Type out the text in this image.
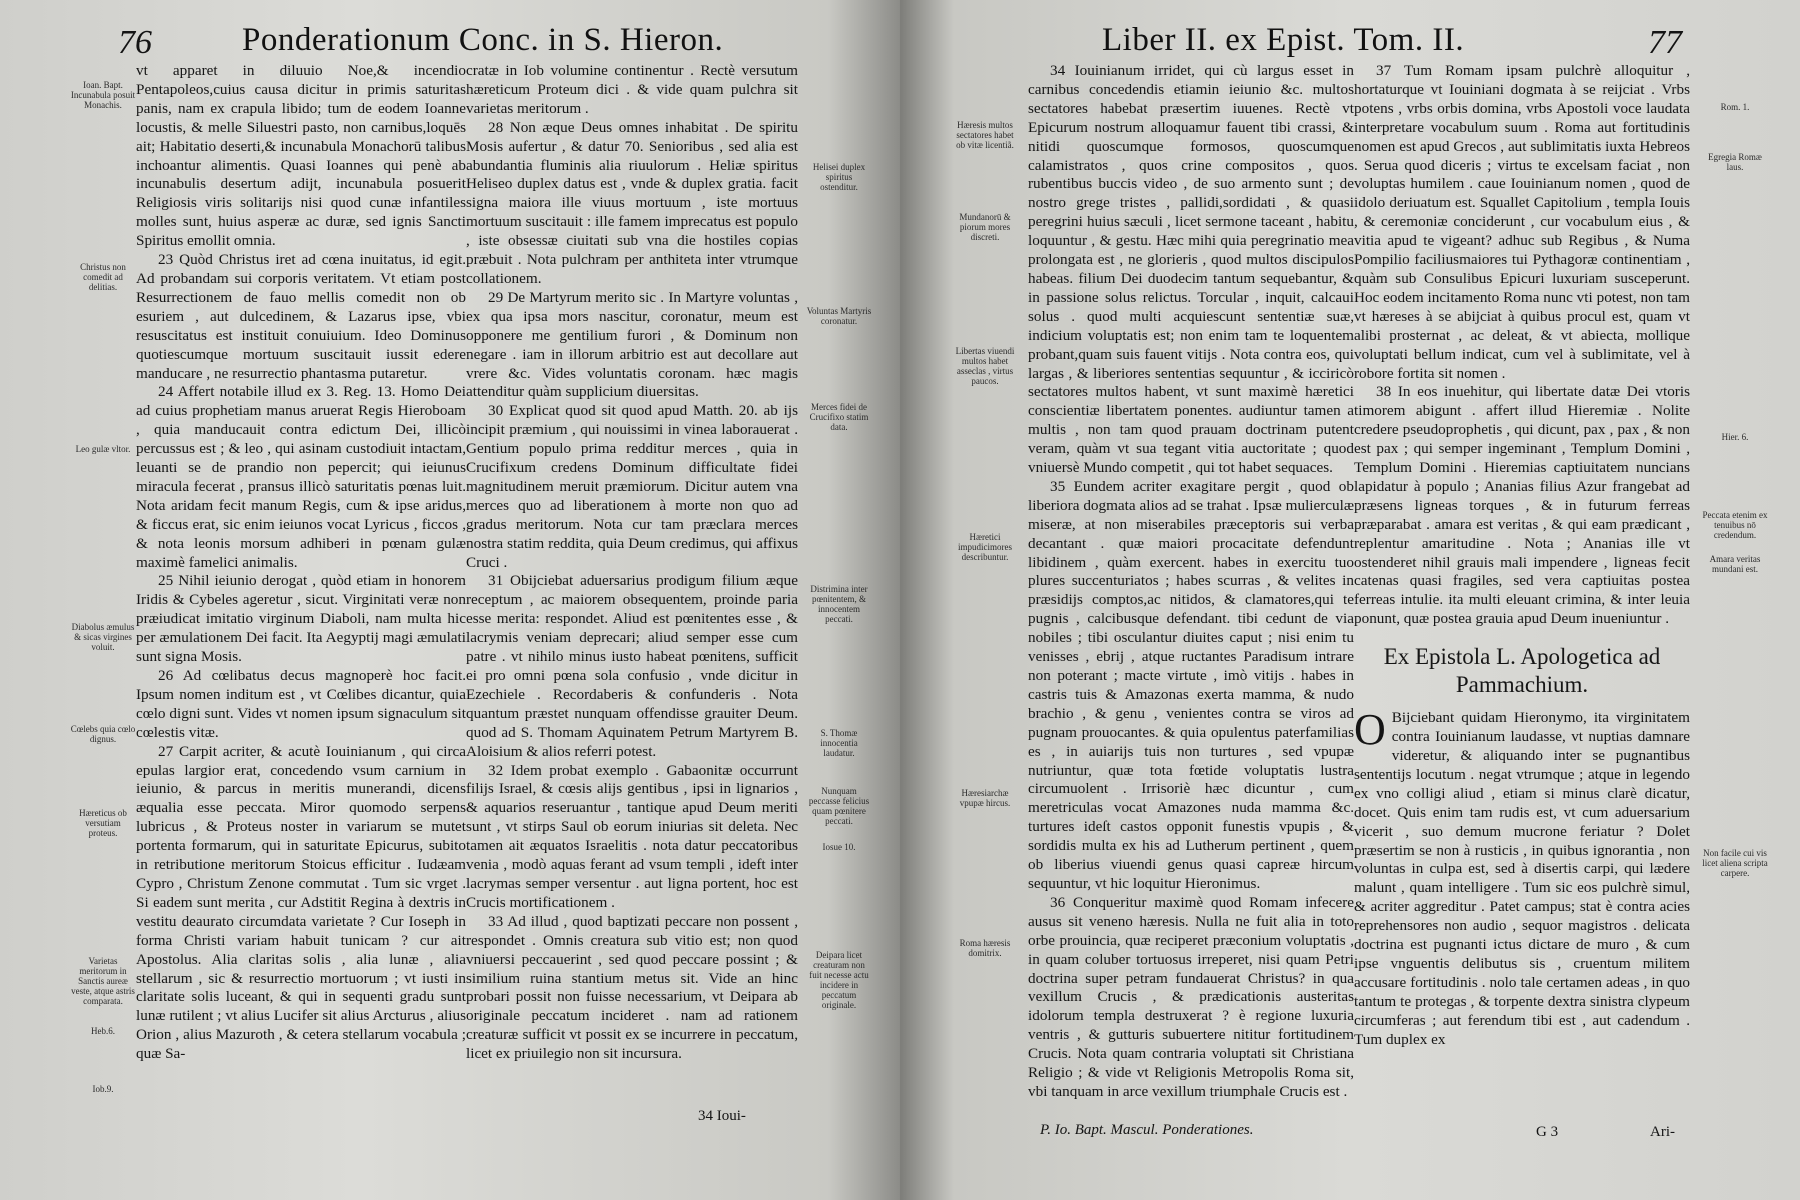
76	Ponderationum Conc. in S. Hieron.

vt apparet in diluuio Noe,& incendio Pentapoleos,cuius causa dicitur in primis saturitas panis, nam ex crapula libido; tum de eodem Ioanne locustis, & melle Siluestri pasto, non carnibus,loquēs ait; Habitatio deserti,& incunabula Monachorū talibus inchoantur alimentis. Quasi Ioannes qui penè ab incunabulis desertum adijt, incunabula posuerit Religiosis viris solitarijs nisi quod cunæ infantiles molles sunt, huius asperæ ac duræ, sed ignis Sancti Spiritus emollit omnia.

23 Quòd Christus iret ad cœna inuitatus, id egit. Ad probandam sui corporis veritatem. Vt etiam post Resurrectionem de fauo mellis comedit non ob esuriem , aut dulcedinem, & Lazarus ipse, vbi resuscitatus est instituit conuiuium. Ideo Dominus quotiescumque mortuum suscitauit iussit edere manducare , ne resurrectio phantasma putaretur.

24 Affert notabile illud ex 3. Reg. 13. Homo Dei ad cuius prophetiam manus aruerat Regis Hieroboam , quia manducauit contra edictum Dei, illicò percussus est ; & leo , qui asinam custodiuit intactam, leuanti se de prandio non pepercit; qui ieiunus miracula fecerat , pransus illicò saturitatis pœnas luit. Nota aridam fecit manum Regis, cum & ipse aridus, & ficcus erat, sic enim ieiunos vocat Lyricus , ficcos , & nota leonis morsum adhiberi in pœnam gulæ maximè famelici animalis.

25 Nihil ieiunio derogat , quòd etiam in honorem Iridis & Cybeles ageretur , sicut. Virginitati veræ non præiudicat imitatio virginum Diaboli, nam multa hic per æmulationem Dei facit. Ita Aegyptij magi æmulati sunt signa Mosis.

26 Ad cœlibatus decus magnoperè hoc facit. Ipsum nomen inditum est , vt Cœlibes dicantur, quia cœlo digni sunt. Vides vt nomen ipsum signaculum sit cœlestis vitæ.

27 Carpit acriter, & acutè Iouinianum , qui circa epulas largior erat, concedendo vsum carnium in ieiunio, & parcus in meritis munerandi, dicens æqualia esse peccata. Miror quomodo serpens lubricus , & Proteus noster in variarum se mutet portenta formarum, qui in saturitate Epicurus, subito in retributione meritorum Stoicus efficitur . Iudæam Cypro , Christum Zenone commutat . Tum sic vrget . Si eadem sunt merita , cur Adstitit Regina à dextris in vestitu deaurato circumdata varietate ? Cur Ioseph in forma Christi variam habuit tunicam ? cur ait Apostolus. Alia claritas solis , alia lunæ , alia stellarum , sic & resurrectio mortuorum ; vt iusti in claritate solis luceant, & qui in sequenti gradu sunt lunæ rutilent ; vt alius Lucifer sit alius Arcturus , alius Orion , alius Mazuroth , & cetera stellarum vocabula ; quæ Sa-

cratæ in Iob volumine continentur . Rectè versutum hæreticum Proteum dici . & vide quam pulchra sit varietas meritorum .

28 Non æque Deus omnes inhabitat . De spiritu Mosis aufertur , & datur 70. Senioribus , sed alia est abundantia fluminis alia riuulorum . Heliæ spiritus Heliseo duplex datus est , vnde & duplex gratia. facit signa maiora ille viuus mortuum , iste mortuus mortuum suscitauit : ille famem imprecatus est populo , iste obsessæ ciuitati sub vna die hostiles copias præbuit . Nota pulchram per anthiteta inter vtrumque collationem.

29 De Martyrum merito sic . In Martyre voluntas , ex qua ipsa mors nascitur, coronatur, meum est opponere me gentilium furori , & Dominum non negare . iam in illorum arbitrio est aut decollare aut vrere &c. Vides voluntatis coronam. hæc magis attenditur quàm supplicium diuersitas.

30 Explicat quod sit quod apud Matth. 20. ab ijs incipit præmium , qui nouissimi in vinea laborauerat . Gentium populo prima redditur merces , quia in Crucifixum credens Dominum difficultate fidei magnitudinem meruit præmiorum. Dicitur autem vna merces quo ad liberationem à morte non quo ad gradus meritorum. Nota cur tam præclara merces nostra statim reddita, quia Deum credimus, qui affixus Cruci .

31 Obijciebat aduersarius prodigum filium æque receptum , ac maiorem obsequentem, proinde paria esse merita: respondet. Aliud est pœnitentes esse , & lacrymis veniam deprecari; aliud semper esse cum patre . vt nihilo minus iusto habeat pœnitens, sufficit ei pro omni pœna sola confusio , vnde dicitur in Ezechiele . Recordaberis & confunderis . Nota quantum præstet nunquam offendisse grauiter Deum. quod ad S. Thomam Aquinatem Petrum Martyrem B. Aloisium & alios referri potest.

32 Idem probat exemplo . Gabaonitæ occurrunt filijs Israel, & cœsis alijs gentibus , ipsi in lignarios , & aquarios reseruantur , tantique apud Deum meriti sunt , vt stirps Saul ob eorum iniurias sit deleta. Nec tamen ait æquatos Israelitis . nota datur peccatoribus venia , modò aquas ferant ad vsum templi , ideft inter lacrymas semper versentur . aut ligna portent, hoc est Crucis mortificationem .

33 Ad illud , quod baptizati peccare non possent , respondet . Omnis creatura sub vitio est; non quod vniuersi peccauerint , sed quod peccare possint ; & similium ruina stantium metus sit. Vide an hinc probari possit non fuisse necessarium, vt Deipara ab originale peccatum incideret . nam ad rationem creaturæ sufficit vt possit ex se incurrere in peccatum, licet ex priuilegio non sit incursura.

34 Ioui-
Ioan. Bapt. Incunabula posuit Monachis.
Christus non comedit ad delitias.
Leo gulæ vltor.
Diabolus æmulus & sicas virgines voluit.
Cœlebs quia cœlo dignus.
Hæreticus ob versutiam proteus.
Varietas meritorum in Sanctis aureæ veste, atque astris comparata.
Heb.6.
Iob.9.
Helisei duplex spiritus ostenditur.
Voluntas Martyris coronatur.
Merces fidei de Crucifixo statim data.
Distrimina inter pœnitentem, & innocentem peccati.
S. Thomæ innocentia laudatur.
Nunquam peccasse felicius quam pœnitere peccati.
Iosue 10.
Deipara licet creaturam non fuit necesse actu incidere in peccatum originale.
Liber II. ex Epist. Tom. II.	77

34 Iouinianum irridet, qui cù largus esset in carnibus concedendis etiamin ieiunio &c. multos sectatores habebat præsertim iuuenes. Rectè vt Epicurum nostrum alloquamur fauent tibi crassi, & nitidi quoscumque formosos, quoscumque calamistratos , quos crine compositos , quos rubentibus buccis video , de suo armento sunt ; de nostro grege tristes , pallidi,sordidati , & quasi peregrini huius sæculi , licet sermone taceant , habitu loquuntur , & gestu. Hæc mihi quia peregrinatio mea prolongata est , ne glorieris , quod multos discipulos habeas. filium Dei duodecim tantum sequebantur, & in passione solus relictus. Torcular , inquit, calcaui solus . quod multi acquiescunt sententiæ suæ, indicium voluptatis est; non enim tam te loquentem probant,quam suis fauent vitijs . Nota contra eos, qui largas , & liberiores sententias sequuntur , & icciricò sectatores multos habent, vt sunt maximè hæretici conscientiæ libertatem ponentes. audiuntur tamen a multis , non tam quod prauam doctrinam putent veram, quàm vt sua tegant vitia auctoritate ; quod vniuersè Mundo competit , qui tot habet sequaces.

35 Eundem acriter exagitare pergit , quod ob liberiora dogmata alios ad se trahat . Ipsæ mulierculæ miseræ, at non miserabiles præceptoris sui verba decantant . quæ maiori procacitate defendunt libidinem , quàm exercent. habes in exercitu tuo plures succenturiatos ; habes scurras , & velites in præsidijs comptos,ac nitidos, & clamatores,qui te pugnis , calcibusque defendant. tibi cedunt de via nobiles ; tibi osculantur diuites caput ; nisi enim tu venisses , ebrij , atque ructantes Paradisum intrare non poterant ; macte virtute , imò vitijs . habes in castris tuis & Amazonas exerta mamma, & nudo brachio , & genu , venientes contra se viros ad pugnam prouocantes. & quia opulentus paterfamilias es , in auiarijs tuis non turtures , sed vpupæ nutriuntur, quæ tota fœtide voluptatis lustra circumuolent . Irrisoriè hæc dicuntur , cum meretriculas vocat Amazones nuda mamma &c. turtures ideſt castos opponit funestis vpupis , & sordidis multa ex his ad Lutherum pertinent , quem ob liberius viuendi genus quasi capreæ hircum sequuntur, vt hic loquitur Hieronimus.

36 Conqueritur maximè quod Romam infecere ausus sit veneno hæresis. Nulla ne fuit alia in toto orbe prouincia, quæ reciperet præconium voluptatis , in quam coluber tortuosus irreperet, nisi quam Petri doctrina super petram fundauerat Christus? in qua vexillum Crucis , & prædicationis austeritas idolorum templa destruxerat ? è regione luxuria ventris , & gutturis subuertere nititur fortitudinem Crucis. Nota quam contraria voluptati sit Christiana Religio ; & vide vt Religionis Metropolis Roma sit, vbi tanquam in arce vexillum triumphale Crucis est .

P. Io. Bapt. Mascul. Ponderationes.

37 Tum Romam ipsam pulchrè alloquitur , hortaturque vt Iouiniani dogmata à se reijciat . Vrbs potens , vrbs orbis domina, vrbs Apostoli voce laudata interpretare vocabulum suum . Roma aut fortitudinis nomen est apud Grecos , aut sublimitatis iuxta Hebreos . Serua quod diceris ; virtus te excelsam faciat , non voluptas humilem . caue Iouinianum nomen , quod de idolo deriuatum est. Squallet Capitolium , templa Iouis , & ceremoniæ conciderunt , cur vocabulum eius , & vitia apud te vigeant? adhuc sub Regibus , & Numa Pompilio faciliusmaiores tui Pythagoræ continentiam , quàm sub Consulibus Epicuri luxuriam susceperunt. Hoc eodem incitamento Roma nunc vti potest, non tam vt hæreses à se abijciat à quibus procul est, quam vt alibi prosternat , ac deleat, & vt abiecta, mollique voluptati bellum indicat, cum vel à sublimitate, vel à robore fortita sit nomen .

38 In eos inuehitur, qui libertate datæ Dei vtoris timorem abigunt . affert illud Hieremiæ . Nolite credere pseudoprophetis , qui dicunt, pax , pax , & non est pax ; qui semper ingeminant , Templum Domini , Templum Domini . Hieremias captiuitatem nuncians lapidatur à populo ; Ananias filius Azur frangebat ad præsens ligneas torques , & in futurum ferreas præparabat . amara est veritas , & qui eam prædicant , replentur amaritudine . Nota ; Ananias ille vt ostenderet nihil grauis mali impendere , ligneas fecit catenas quasi fragiles, sed vera captiuitas postea ferreas intulie. ita multi eleuant crimina, & inter leuia ponunt, quæ postea grauia apud Deum inueniuntur .

Ex Epistola L. Apologetica ad Pammachium.

O Bijciebant quidam Hieronymo, ita virginitatem contra Iouinianum laudasse, vt nuptias damnare videretur, & aliquando inter se pugnantibus sententijs locutum . negat vtrumque ; atque in legendo ex vno colligi aliud , etiam si minus clarè dicatur, docet. Quis enim tam rudis est, vt cum aduersarium vicerit , suo demum mucrone feriatur ? Dolet præsertim se non à rusticis , in quibus ignorantia , non voluntas in culpa est, sed à disertis carpi, qui lædere malunt , quam intelligere . Tum sic eos pulchrè simul, & acriter aggreditur . Patet campus; stat è contra acies reprehensores non audio , sequor magistros . delicata doctrina est pugnanti ictus dictare de muro , & cum ipse vnguentis delibutus sis , cruentum militem accusare fortitudinis . nolo tale certamen adeas , in quo tantum te protegas , & torpente dextra sinistra clypeum circumferas ; aut ferendum tibi est , aut cadendum . Tum duplex ex

G 3	Ari-
Hæresis multos sectatores habet ob vitæ licentiã.
Mundanorū & piorum mores discreti.
Libertas viuendi multos habet asseclas , virtus paucos.
Hæretici impudicimores describuntur.
Hæresiarchæ vpupæ hircus.
Roma hæresis domitrix.
Rom. 1.
Egregia Romæ laus.
Hier. 6.
Peccata etenim ex tenuibus nō credendum.
Amara veritas mundani est.
Non facile cui vis licet aliena scripta carpere.
